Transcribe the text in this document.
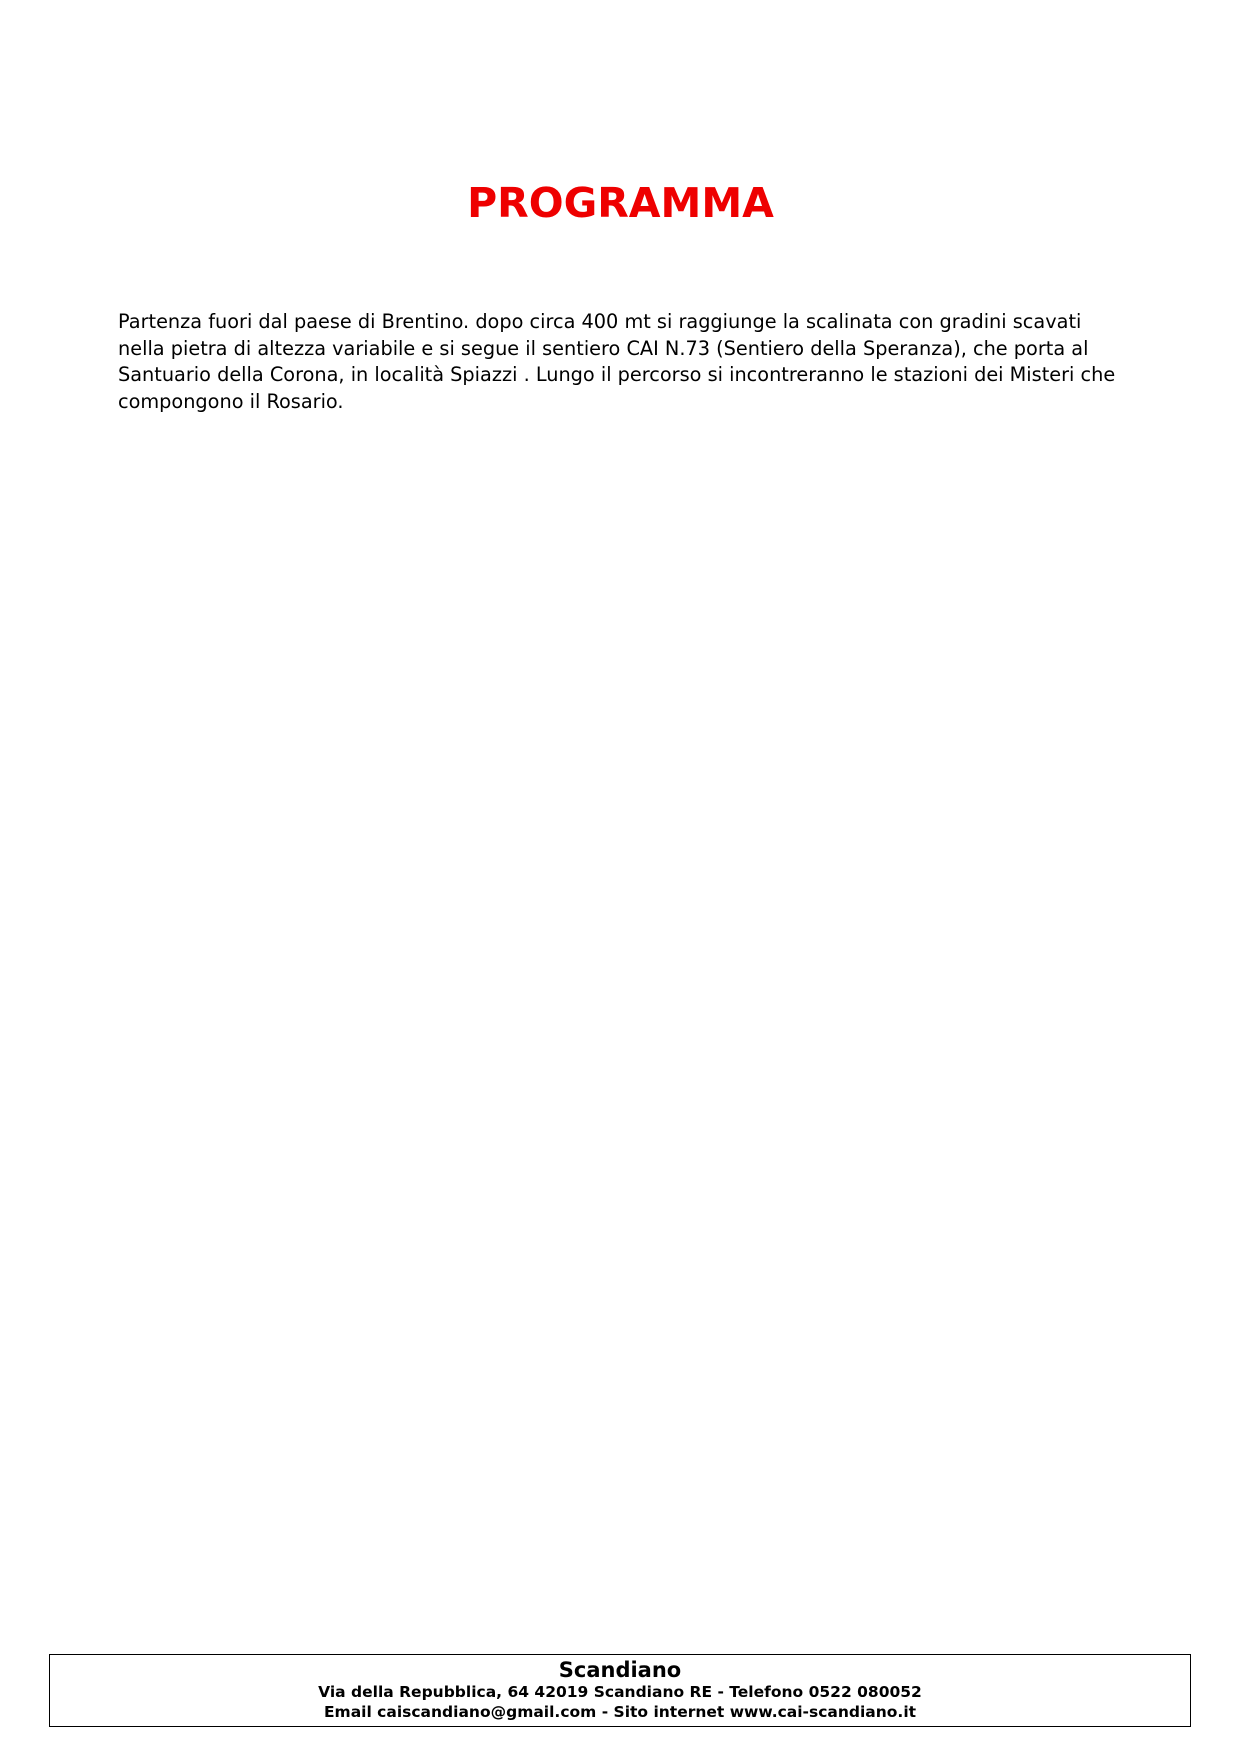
PROGRAMMA

Partenza fuori dal paese di Brentino. dopo circa 400 mt si raggiunge la scalinata con gradini scavati nella pietra di altezza variabile e si segue il sentiero CAI N.73 (Sentiero della Speranza), che porta al Santuario della Corona, in località Spiazzi . Lungo il percorso si incontreranno le stazioni dei Misteri che compongono il Rosario.

Scandiano
Via della Repubblica, 64 42019 Scandiano RE - Telefono 0522 080052
Email caiscandiano@gmail.com - Sito internet www.cai-scandiano.it
